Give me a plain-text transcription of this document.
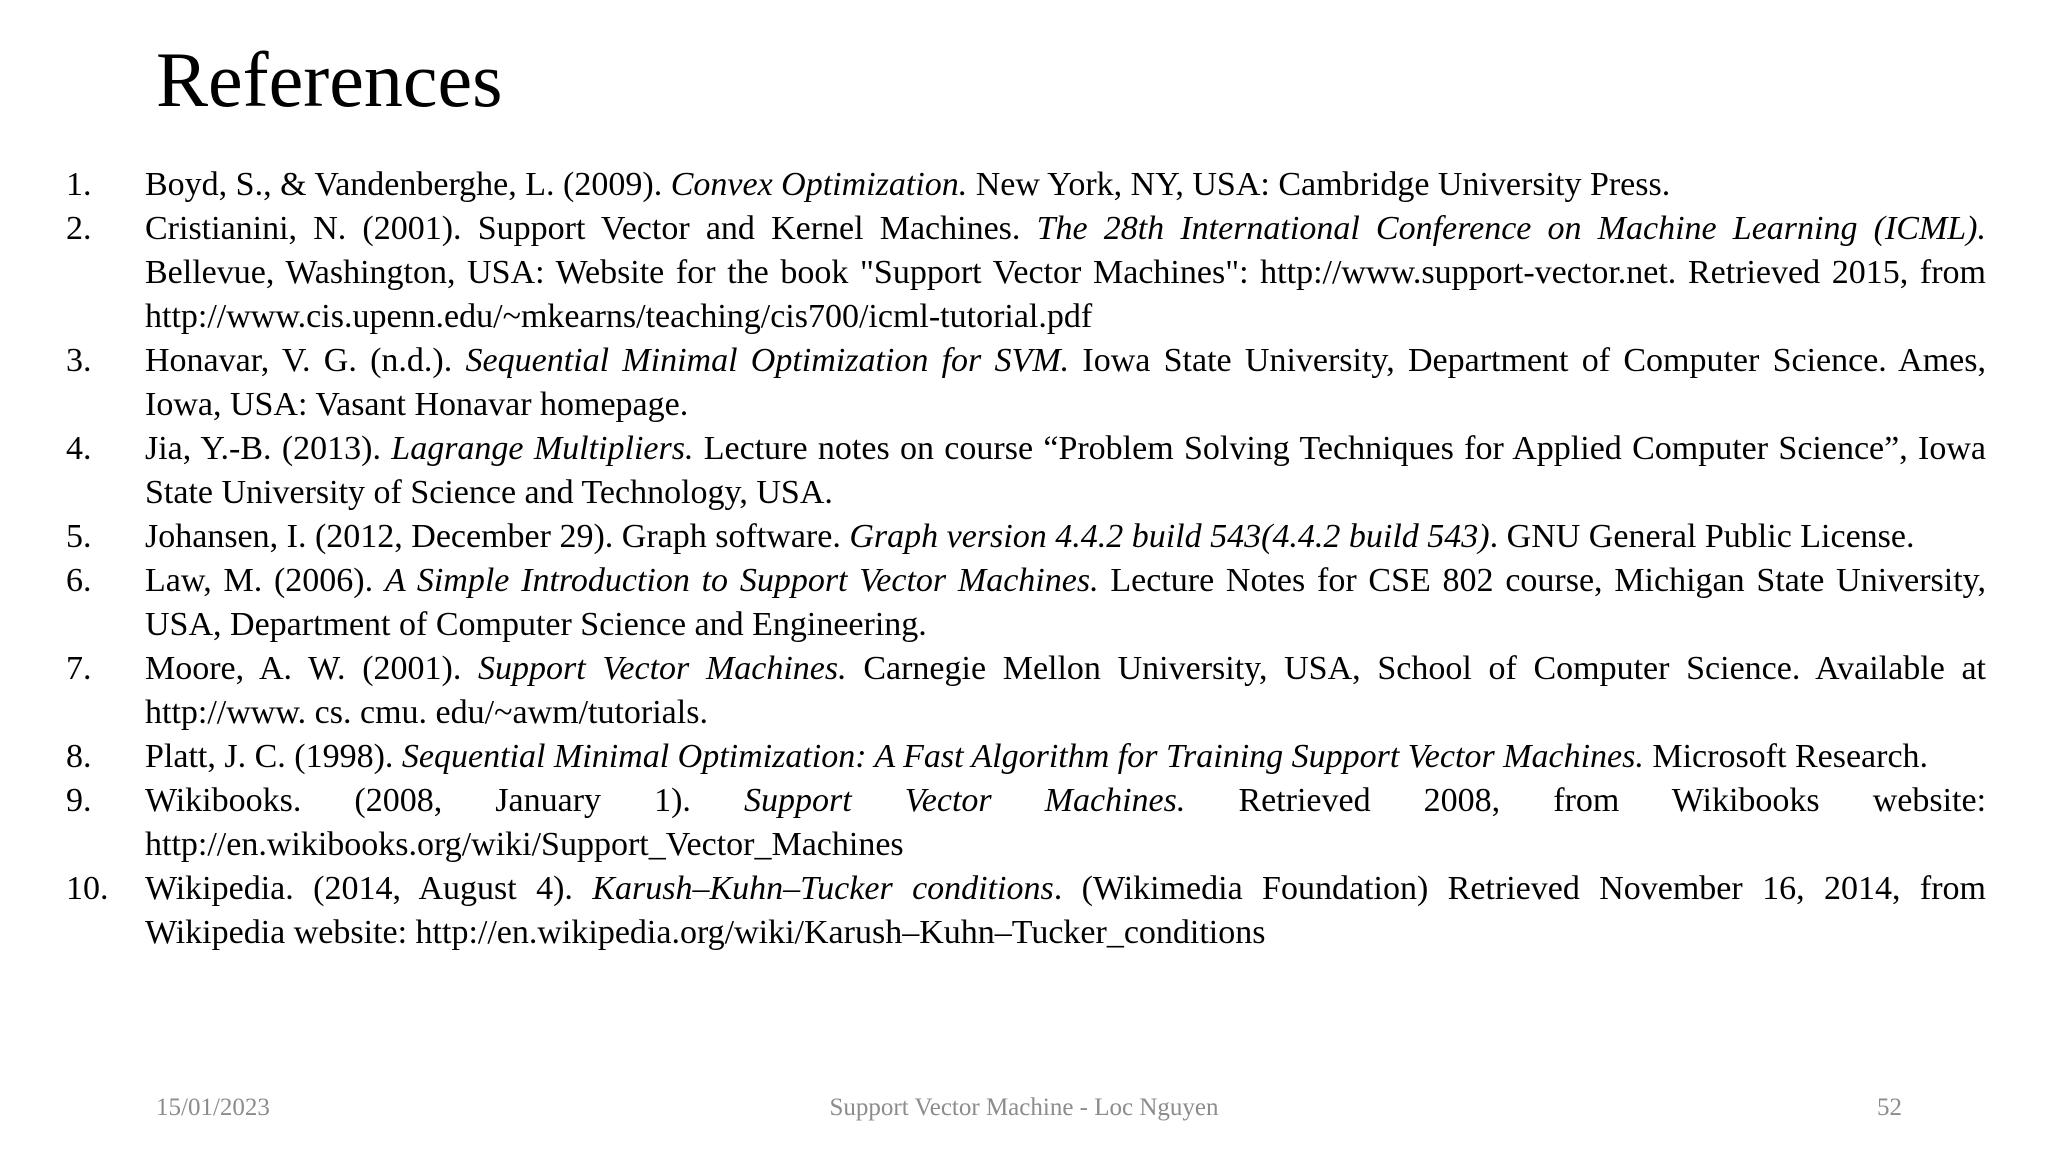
References
1.	Boyd, S., & Vandenberghe, L. (2009). Convex Optimization. New York, NY, USA: Cambridge University Press.
2.	Cristianini, N. (2001). Support Vector and Kernel Machines. The 28th International Conference on Machine Learning (ICML). Bellevue, Washington, USA: Website for the book "Support Vector Machines": http://www.support-vector.net. Retrieved 2015, from http://www.cis.upenn.edu/~mkearns/teaching/cis700/icml-tutorial.pdf
3.	Honavar, V. G. (n.d.). Sequential Minimal Optimization for SVM. Iowa State University, Department of Computer Science. Ames, Iowa, USA: Vasant Honavar homepage.
4.	Jia, Y.-B. (2013). Lagrange Multipliers. Lecture notes on course “Problem Solving Techniques for Applied Computer Science”, Iowa State University of Science and Technology, USA.
5.	Johansen, I. (2012, December 29). Graph software. Graph version 4.4.2 build 543(4.4.2 build 543). GNU General Public License.
6.	Law, M. (2006). A Simple Introduction to Support Vector Machines. Lecture Notes for CSE 802 course, Michigan State University, USA, Department of Computer Science and Engineering.
7.	Moore, A. W. (2001). Support Vector Machines. Carnegie Mellon University, USA, School of Computer Science. Available at http://www. cs. cmu. edu/~awm/tutorials.
8.	Platt, J. C. (1998). Sequential Minimal Optimization: A Fast Algorithm for Training Support Vector Machines. Microsoft Research.
9.	Wikibooks. (2008, January 1). Support Vector Machines. Retrieved 2008, from Wikibooks website: http://en.wikibooks.org/wiki/Support_Vector_Machines
10.	Wikipedia. (2014, August 4). Karush–Kuhn–Tucker conditions. (Wikimedia Foundation) Retrieved November 16, 2014, from Wikipedia website: http://en.wikipedia.org/wiki/Karush–Kuhn–Tucker_conditions
15/01/2023	Support Vector Machine - Loc Nguyen	52
